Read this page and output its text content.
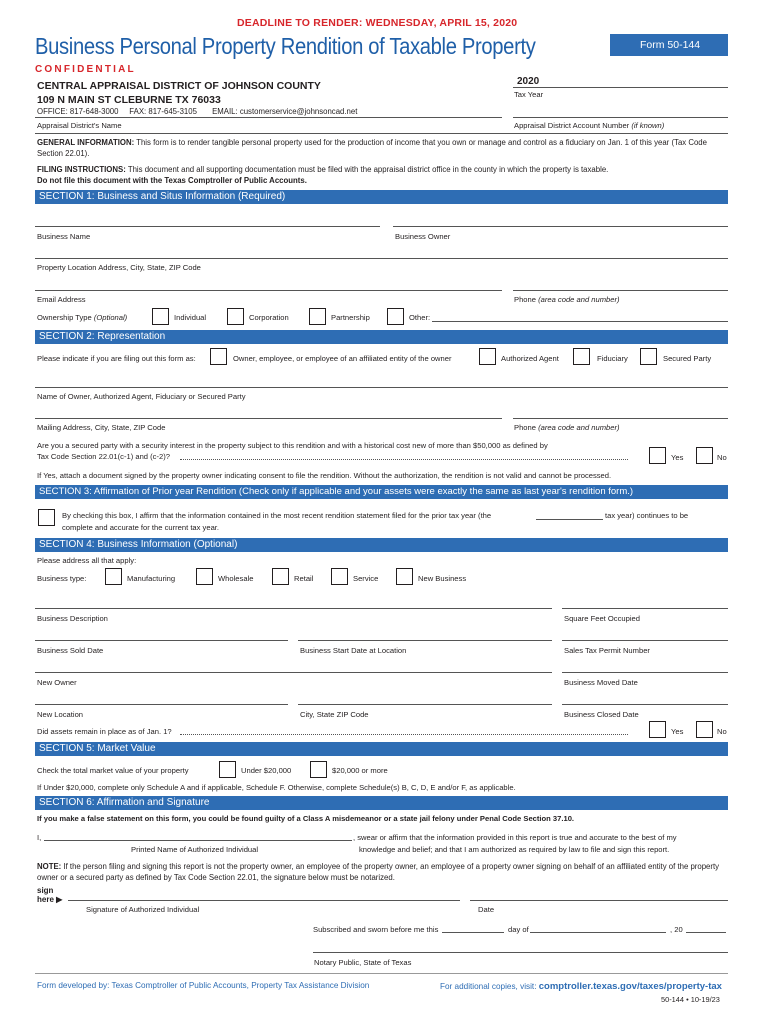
DEADLINE TO RENDER: WEDNESDAY, APRIL 15, 2020
Business Personal Property Rendition of Taxable Property	Form 50-144
CONFIDENTIAL
CENTRAL APPRAISAL DISTRICT OF JOHNSON COUNTY
109 N MAIN ST CLEBURNE TX 76033
OFFICE: 817-648-3000     FAX: 817-645-3105       EMAIL: customerservice@johnsoncad.net
Appraisal District's Name
2020
Tax Year
Appraisal District Account Number (if known)
GENERAL INFORMATION: This form is to render tangible personal property used for the production of income that you own or manage and control as a fiduciary on Jan. 1 of this year (Tax Code Section 22.01).
FILING INSTRUCTIONS: This document and all supporting documentation must be filed with the appraisal district office in the county in which the property is taxable.
Do not file this document with the Texas Comptroller of Public Accounts.
SECTION 1: Business and Situs Information (Required)
Business Name	Business Owner
Property Location Address, City, State, ZIP Code
Email Address	Phone (area code and number)
Ownership Type (Optional)	Individual	Corporation	Partnership	Other:
SECTION 2: Representation
Please indicate if you are filing out this form as:	Owner, employee, or employee of an affiliated entity of the owner	Authorized Agent	Fiduciary	Secured Party
Name of Owner, Authorized Agent, Fiduciary or Secured Party
Mailing Address, City, State, ZIP Code	Phone (area code and number)
Are you a secured party with a security interest in the property subject to this rendition and with a historical cost new of more than $50,000 as defined by
Tax Code Section 22.01(c-1) and (c-2)?	Yes	No
If Yes, attach a document signed by the property owner indicating consent to file the rendition. Without the authorization, the rendition is not valid and cannot be processed.
SECTION 3: Affirmation of Prior year Rendition (Check only if applicable and your assets were exactly the same as last year's rendition form.)
By checking this box, I affirm that the information contained in the most recent rendition statement filed for the prior tax year (the	tax year) continues to be
complete and accurate for the current tax year.
SECTION 4: Business Information (Optional)
Please address all that apply:
Business type:	Manufacturing	Wholesale	Retail	Service	New Business
Business Description	Square Feet Occupied
Business Sold Date	Business Start Date at Location	Sales Tax Permit Number
New Owner	Business Moved Date
New Location	City, State ZIP Code	Business Closed Date
Did assets remain in place as of Jan. 1?	Yes	No
SECTION 5: Market Value
Check the total market value of your property	Under $20,000	$20,000 or more
If Under $20,000, complete only Schedule A and if applicable, Schedule F. Otherwise, complete Schedule(s) B, C, D, E and/or F, as applicable.
SECTION 6: Affirmation and Signature
If you make a false statement on this form, you could be found guilty of a Class A misdemeanor or a state jail felony under Penal Code Section 37.10.
I,
Printed Name of Authorized Individual
, swear or affirm that the information provided in this report is true and accurate to the best of my
knowledge and belief; and that I am authorized as required by law to file and sign this report.
NOTE: If the person filing and signing this report is not the property owner, an employee of the property owner, an employee of a property owner signing on behalf of an affiliated entity of the property owner or a secured party as defined by Tax Code Section 22.01, the signature below must be notarized.
sign
here ▶
Signature of Authorized Individual	Date
Subscribed and sworn before me this	day of	, 20
Notary Public, State of Texas
Form developed by: Texas Comptroller of Public Accounts, Property Tax Assistance Division	For additional copies, visit: comptroller.texas.gov/taxes/property-tax
50-144 • 10-19/23
